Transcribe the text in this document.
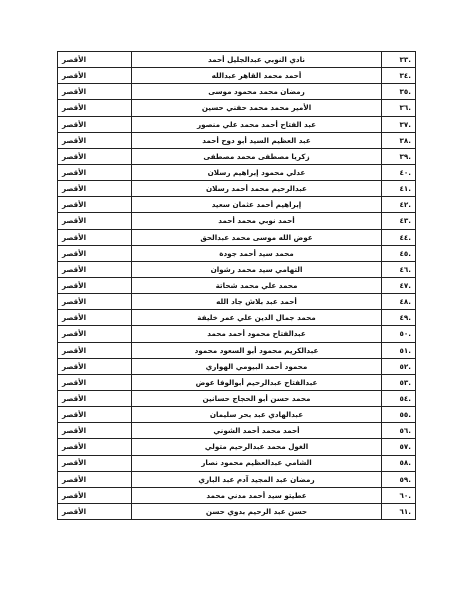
.٣٣	نادي النوبي عبدالجليل أحمد	الأقصر
.٣٤	أحمد محمد القاهر عبدالله	الأقصر
.٣٥	رمضان محمد محمود موسى	الأقصر
.٣٦	الأمير محمد محمد حفني حسين	الأقصر
.٣٧	عبد الفتاح أحمد محمد علي منصور	الأقصر
.٣٨	عبد العظيم السيد أبو دوح أحمد	الأقصر
.٣٩	زكريا مصطفى محمد مصطفى	الأقصر
.٤٠	عدلي محمود إبراهيم رسلان	الأقصر
.٤١	عبدالرحيم محمد أحمد رسلان	الأقصر
.٤٢	إبراهيم أحمد عثمان سعيد	الأقصر
.٤٣	أحمد نوبي محمد أحمد	الأقصر
.٤٤	عوض الله موسى محمد عبدالحق	الأقصر
.٤٥	محمد سيد أحمد جودة	الأقصر
.٤٦	التهامي سيد محمد رشوان	الأقصر
.٤٧	محمد علي محمد شحاتة	الأقصر
.٤٨	أحمد عبد بلاش جاد الله	الأقصر
.٤٩	محمد جمال الدين علي عمر خليفة	الأقصر
.٥٠	عبدالفتاح محمود أحمد محمد	الأقصر
.٥١	عبدالكريم محمود أبو السعود محمود	الأقصر
.٥٢	محمود أحمد البيومي الهواري	الأقصر
.٥٣	عبدالفتاح عبدالرحيم أبوالوفا عوض	الأقصر
.٥٤	محمد حسن أبو الحجاج حسانين	الأقصر
.٥٥	عبدالهادي عبد بحر سليمان	الأقصر
.٥٦	أحمد محمد أحمد الشوني	الأقصر
.٥٧	الغول محمد عبدالرحيم متولي	الأقصر
.٥٨	الشامي عبدالعظيم محمود نصار	الأقصر
.٥٩	رمضان عبد المجيد آدم عبد الباري	الأقصر
.٦٠	عطيتو سيد أحمد مدني محمد	الأقصر
.٦١	حسن عبد الرحيم بدوي حسن	الأقصر
